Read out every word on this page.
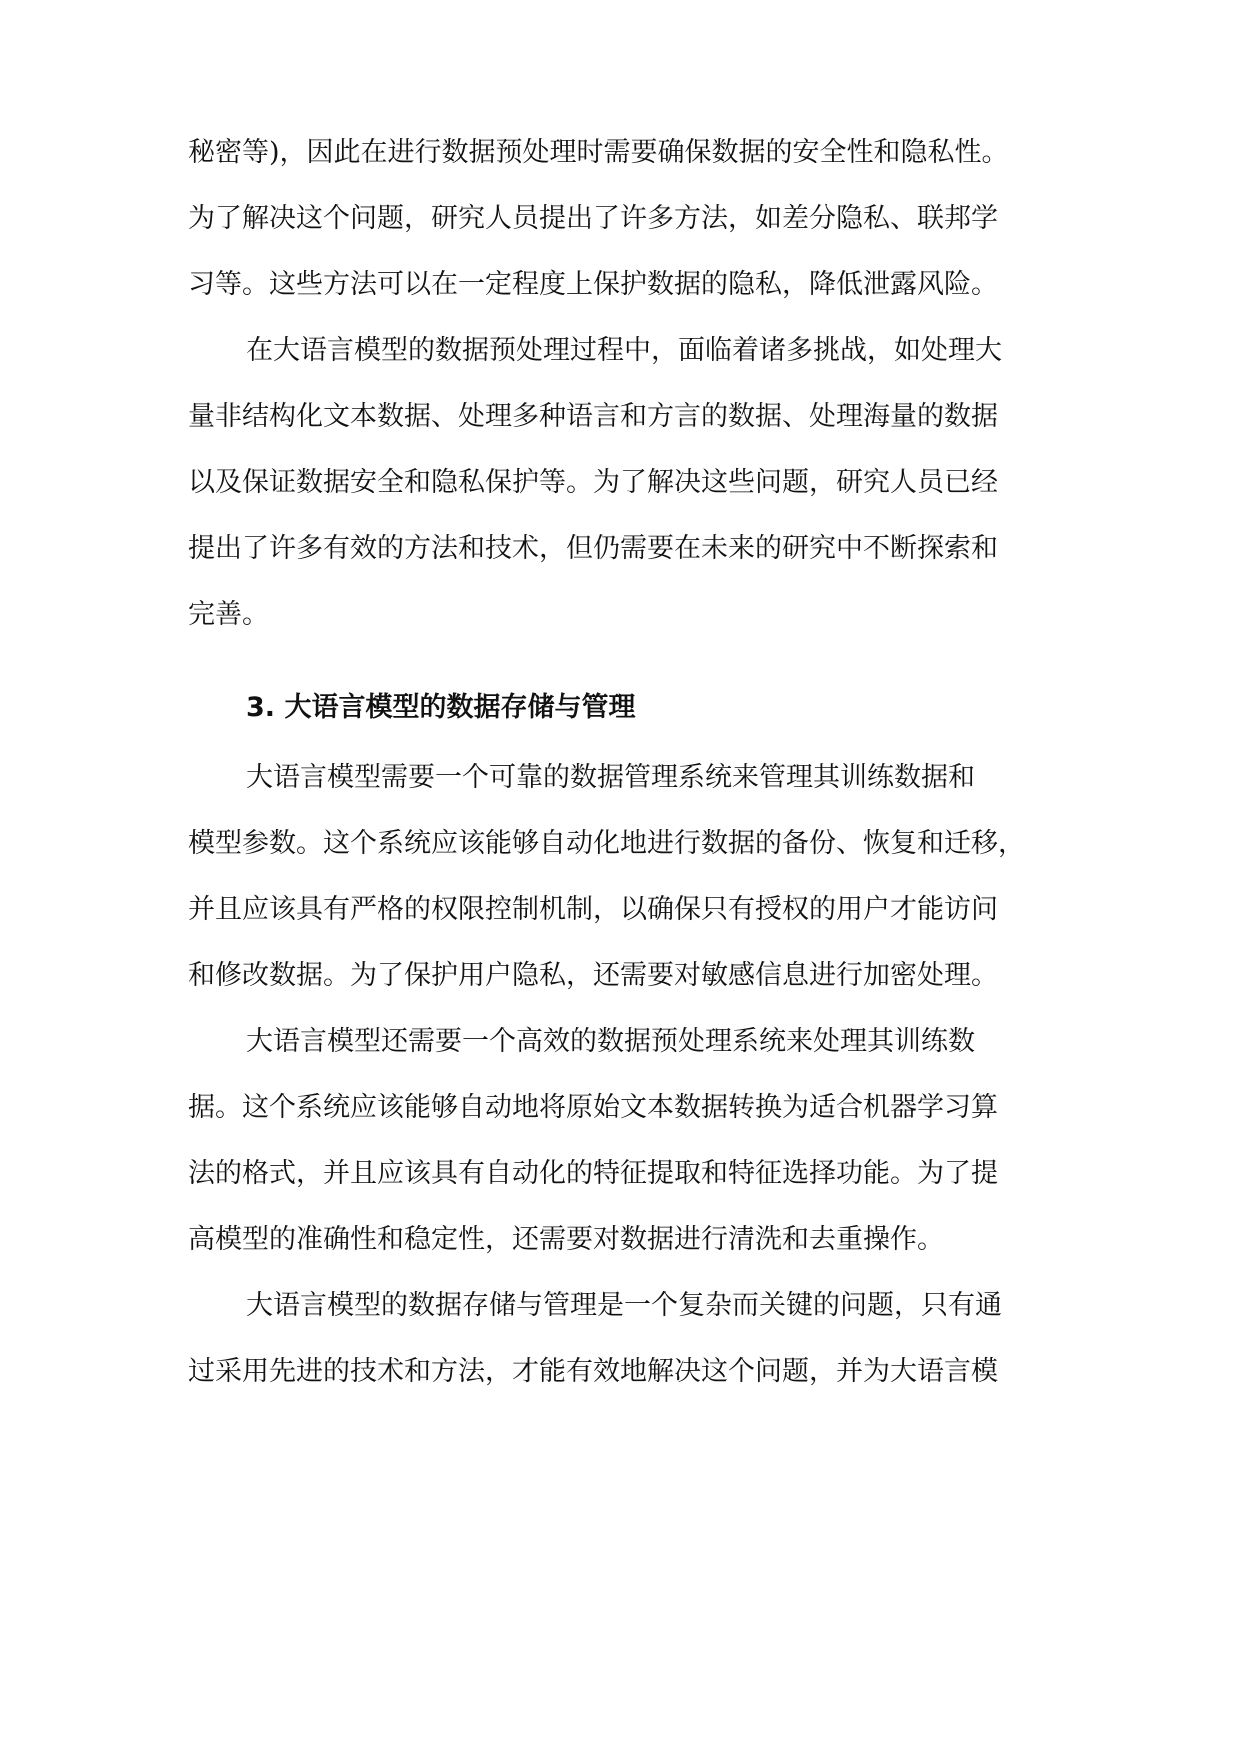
秘密等)，因此在进行数据预处理时需要确保数据的安全性和隐私性。

为了解决这个问题，研究人员提出了许多方法，如差分隐私、联邦学

习等。这些方法可以在一定程度上保护数据的隐私，降低泄露风险。

在大语言模型的数据预处理过程中，面临着诸多挑战，如处理大

量非结构化文本数据、处理多种语言和方言的数据、处理海量的数据

以及保证数据安全和隐私保护等。为了解决这些问题，研究人员已经

提出了许多有效的方法和技术，但仍需要在未来的研究中不断探索和

完善。

3. 大语言模型的数据存储与管理

大语言模型需要一个可靠的数据管理系统来管理其训练数据和

模型参数。这个系统应该能够自动化地进行数据的备份、恢复和迁移，

并且应该具有严格的权限控制机制，以确保只有授权的用户才能访问

和修改数据。为了保护用户隐私，还需要对敏感信息进行加密处理。

大语言模型还需要一个高效的数据预处理系统来处理其训练数

据。这个系统应该能够自动地将原始文本数据转换为适合机器学习算

法的格式，并且应该具有自动化的特征提取和特征选择功能。为了提

高模型的准确性和稳定性，还需要对数据进行清洗和去重操作。

大语言模型的数据存储与管理是一个复杂而关键的问题，只有通

过采用先进的技术和方法，才能有效地解决这个问题，并为大语言模
